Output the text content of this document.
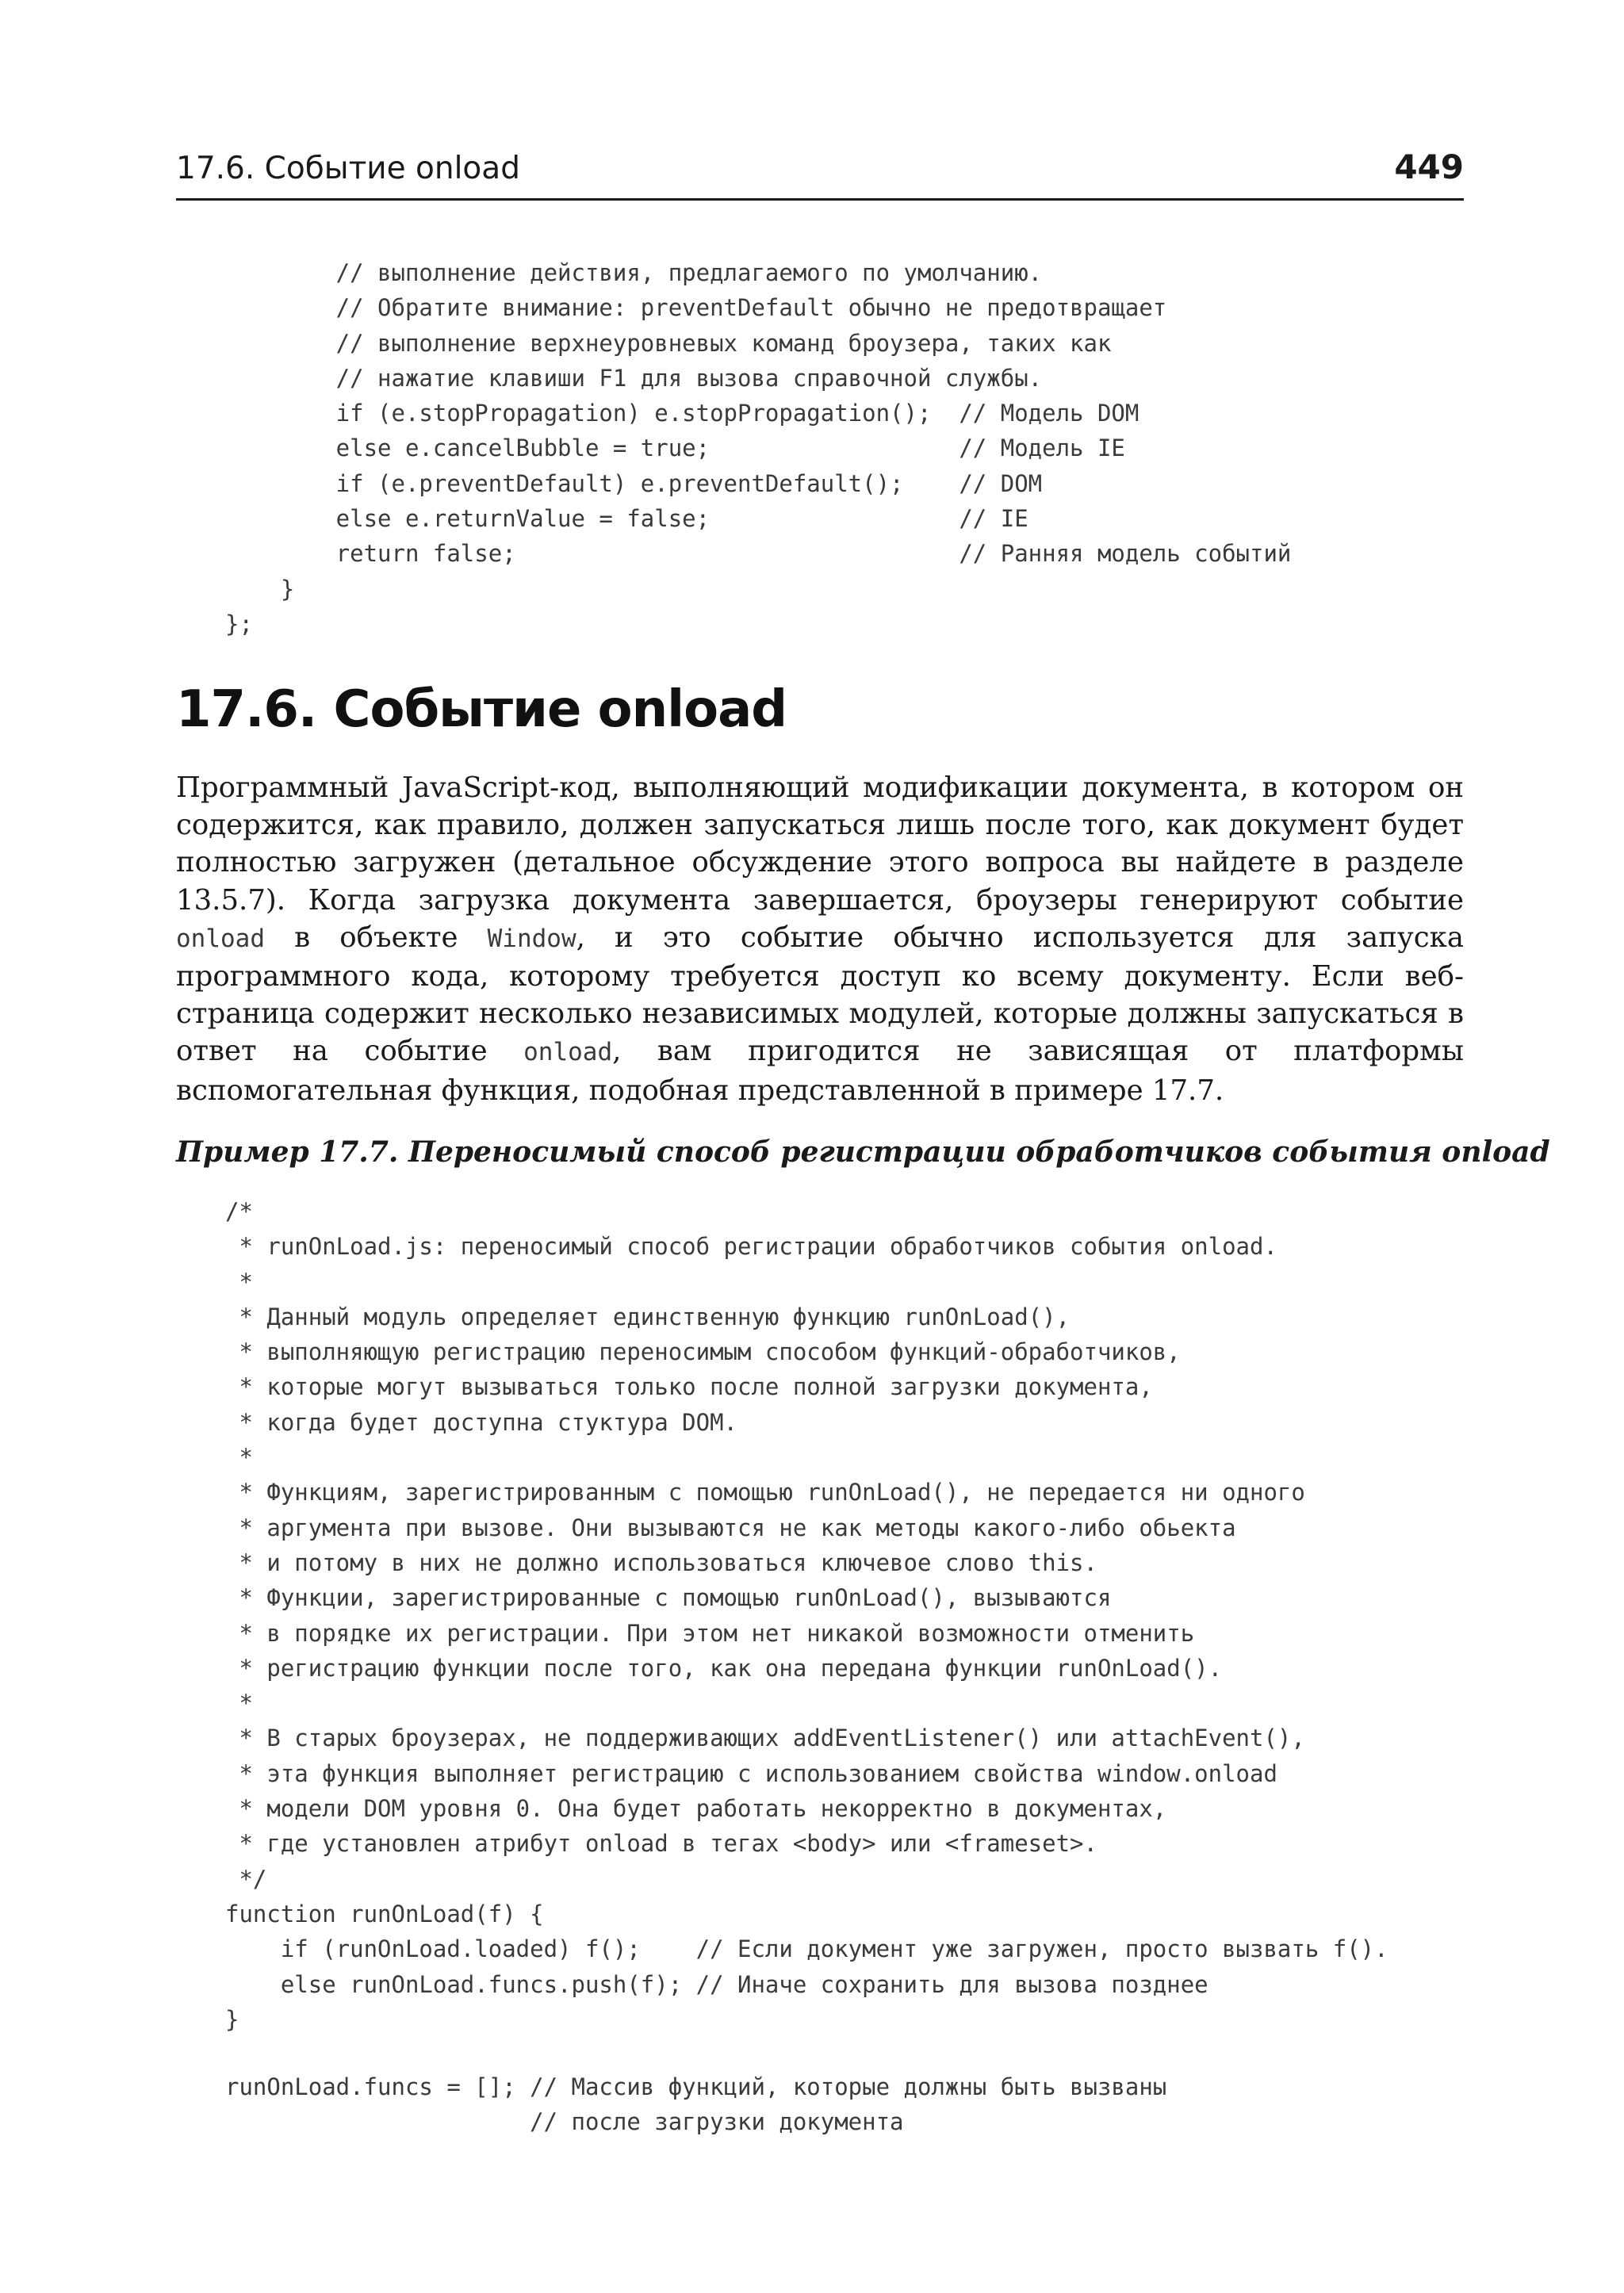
17.6. Событие onload	449
// выполнение действия, предлагаемого по умолчанию.
// Обратите внимание: preventDefault обычно не предотвращает
// выполнение верхнеуровневых команд броузера, таких как
// нажатие клавиши F1 для вызова справочной службы.
if (e.stopPropagation) e.stopPropagation();  // Модель DOM
else e.cancelBubble = true;                  // Модель IE
if (e.preventDefault) e.preventDefault();    // DOM
else e.returnValue = false;                  // IE
return false;                                // Ранняя модель событий
}
};
17.6. Событие onload

Программный JavaScript-код, выполняющий модификации документа, в котором он содержится, как правило, должен запускаться лишь после того, как документ будет полностью загружен (детальное обсуждение этого вопроса вы найдете в разделе 13.5.7). Когда загрузка документа завершается, броузеры генерируют событие onload в объекте Window, и это событие обычно используется для запуска программного кода, которому требуется доступ ко всему документу. Если веб-страница содержит несколько независимых модулей, которые должны запускаться в ответ на событие onload, вам пригодится не зависящая от платформы вспомогательная функция, подобная представленной в примере 17.7.

Пример 17.7. Переносимый способ регистрации обработчиков события onload

/*
* runOnLoad.js: переносимый способ регистрации обработчиков события onload.
*
* Данный модуль определяет единственную функцию runOnLoad(),
* выполняющую регистрацию переносимым способом функций-обработчиков,
* которые могут вызываться только после полной загрузки документа,
* когда будет доступна стуктура DOM.
*
* Функциям, зарегистрированным с помощью runOnLoad(), не передается ни одного
* аргумента при вызове. Они вызываются не как методы какого-либо обьекта
* и потому в них не должно использоваться ключевое слово this.
* Функции, зарегистрированные с помощью runOnLoad(), вызываются
* в порядке их регистрации. При этом нет никакой возможности отменить
* регистрацию функции после того, как она передана функции runOnLoad().
*
* В старых броузерах, не поддерживающих addEventListener() или attachEvent(),
* эта функция выполняет регистрацию с использованием свойства window.onload
* модели DOM уровня 0. Она будет работать некорректно в документах,
* где установлен атрибут onload в тегах <body> или <frameset>.
*/
function runOnLoad(f) {
if (runOnLoad.loaded) f();    // Если документ уже загружен, просто вызвать f().
else runOnLoad.funcs.push(f); // Иначе сохранить для вызова позднее
}
runOnLoad.funcs = []; // Массив функций, которые должны быть вызваны
// после загрузки документа
